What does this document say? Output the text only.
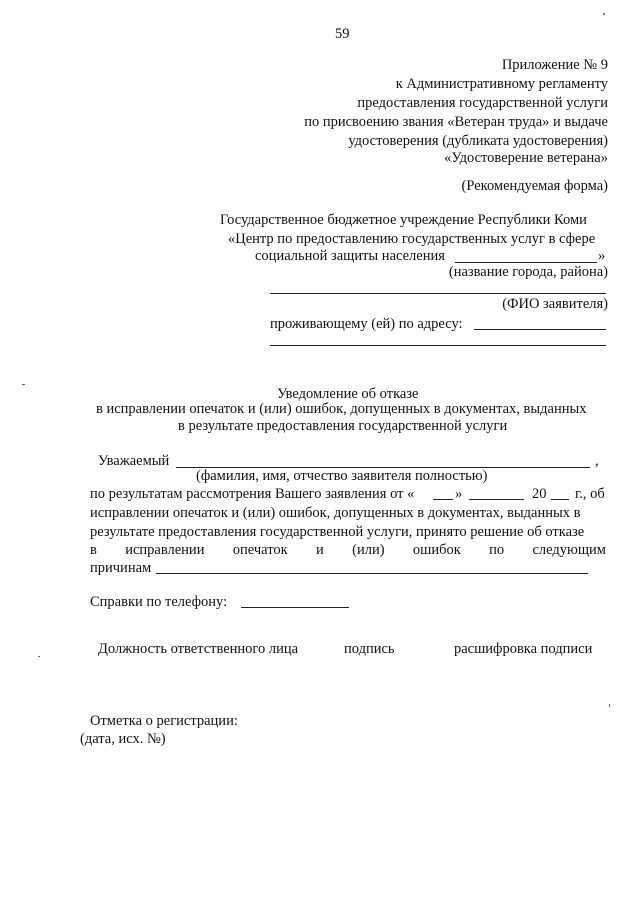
59
Приложение № 9
к Административному регламенту
предоставления государственной услуги
по присвоению звания «Ветеран труда» и выдаче
удостоверения (дубликата удостоверения)
«Удостоверение ветерана»
(Рекомендуемая форма)
Государственное бюджетное учреждение Республики Коми
«Центр по предоставлению государственных услуг в сфере
социальной защиты населения	»
(название города, района)
(ФИО заявителя)
проживающему (ей) по адресу:
Уведомление об отказе
в исправлении опечаток и (или) ошибок, допущенных в документах, выданных
в результате предоставления государственной услуги
Уважаемый	,
(фамилия, имя, отчество заявителя полностью)
по результатам рассмотрения Вашего заявления от «	»	20 г., об
исправлении опечаток и (или) ошибок, допущенных в документах, выданных в
результате предоставления государственной услуги, принято решение об отказе
в исправлении опечаток и (или) ошибок по следующим
причинам
Справки по телефону:
Должность ответственного лица	подпись	расшифровка подписи
Отметка о регистрации:
(дата, исх. №)
